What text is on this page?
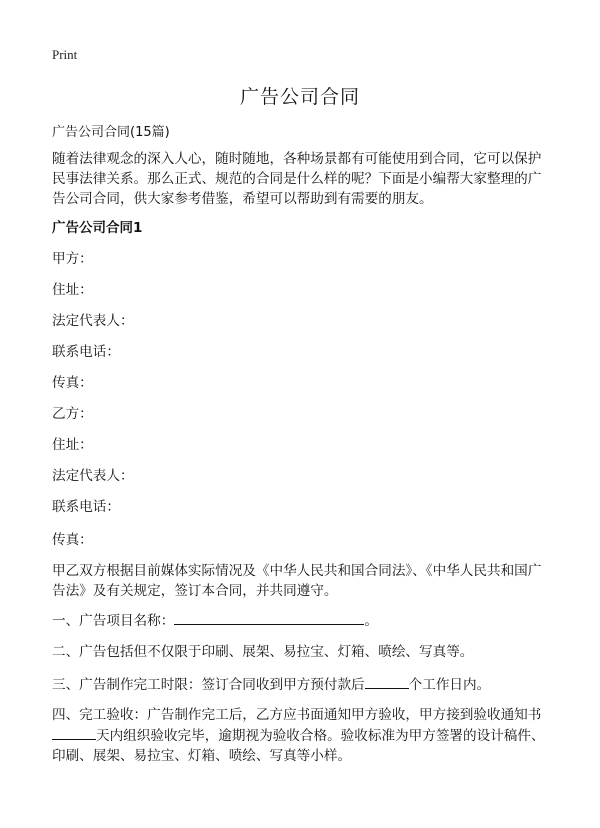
Print
广告公司合同
广告公司合同(15篇)
随着法律观念的深入人心，随时随地，各种场景都有可能使用到合同，它可以保护民事法律关系。那么正式、规范的合同是什么样的呢？下面是小编帮大家整理的广告公司合同，供大家参考借鉴，希望可以帮助到有需要的朋友。
广告公司合同1
甲方：
住址：
法定代表人：
联系电话：
传真：
乙方：
住址：
法定代表人：
联系电话：
传真：
甲乙双方根据目前媒体实际情况及《中华人民共和国合同法》、《中华人民共和国广告法》及有关规定，签订本合同，并共同遵守。
一、广告项目名称：	。
二、广告包括但不仅限于印刷、展架、易拉宝、灯箱、喷绘、写真等。
三、广告制作完工时限：签订合同收到甲方预付款后	个工作日内。
四、完工验收：广告制作完工后，乙方应书面通知甲方验收，甲方接到验收通知书天内组织验收完毕，逾期视为验收合格。验收标准为甲方签署的设计稿件、印刷、展架、易拉宝、灯箱、喷绘、写真等小样。
